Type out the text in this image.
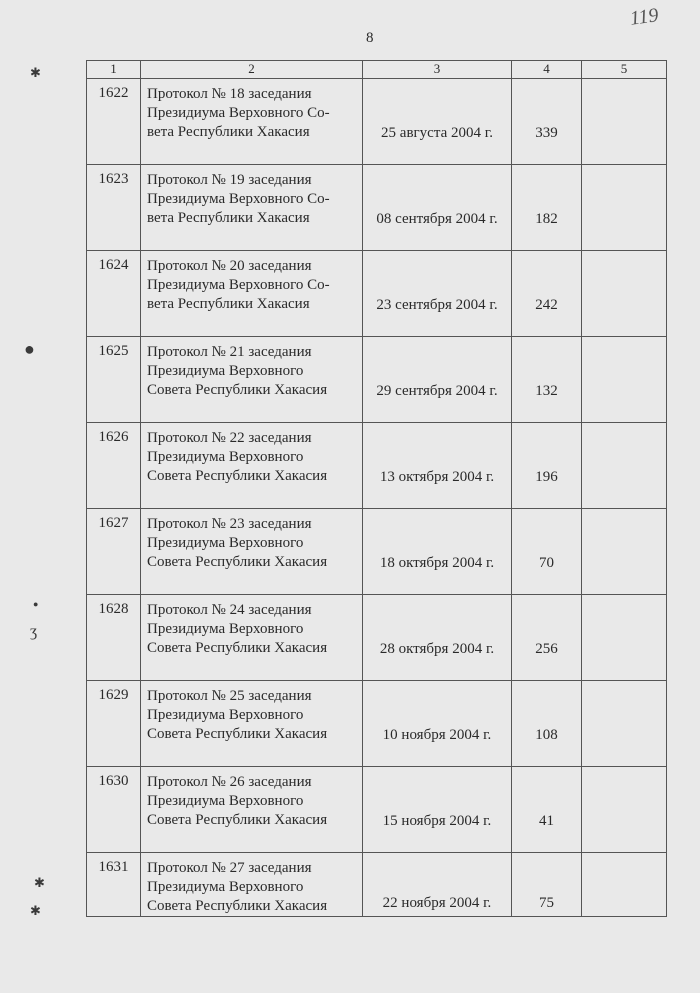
8
119
✱
●
●
ʒ
✱
✱
1	2	3	4	5
1622	Протокол № 18 заседания
Президиума Верховного Со-
вета Республики Хакасия	25 августа 2004 г.	339	
1623	Протокол № 19 заседания
Президиума Верховного Со-
вета Республики Хакасия	08 сентября 2004 г.	182	
1624	Протокол № 20 заседания
Президиума Верховного Со-
вета Республики Хакасия	23 сентября 2004 г.	242	
1625	Протокол № 21 заседания
Президиума Верховного
Совета Республики Хакасия	29 сентября 2004 г.	132	
1626	Протокол № 22 заседания
Президиума Верховного
Совета Республики Хакасия	13 октября 2004 г.	196	
1627	Протокол № 23 заседания
Президиума Верховного
Совета Республики Хакасия	18 октября 2004 г.	70	
1628	Протокол № 24 заседания
Президиума Верховного
Совета Республики Хакасия	28 октября 2004 г.	256	
1629	Протокол № 25 заседания
Президиума Верховного
Совета Республики Хакасия	10 ноября 2004 г.	108	
1630	Протокол № 26 заседания
Президиума Верховного
Совета Республики Хакасия	15 ноября 2004 г.	41	
1631	Протокол № 27 заседания
Президиума Верховного
Совета Республики Хакасия	22 ноября 2004 г.	75	
